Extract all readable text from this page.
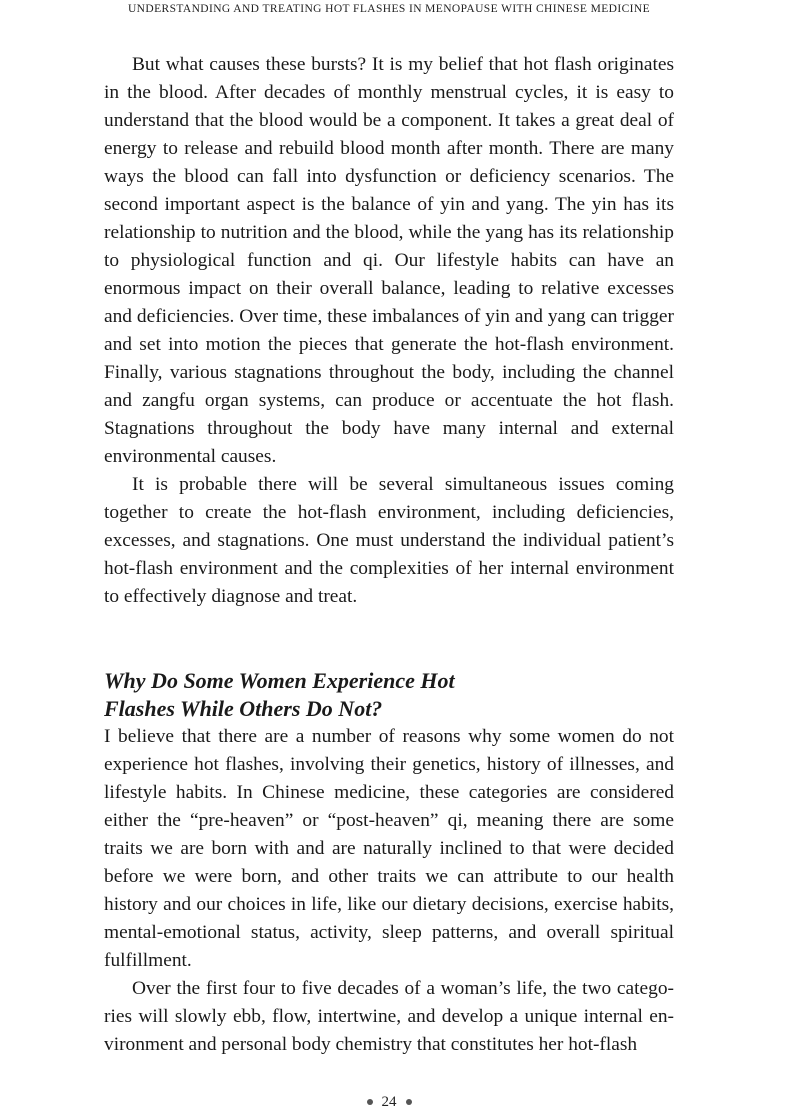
UNDERSTANDING AND TREATING HOT FLASHES IN MENOPAUSE WITH CHINESE MEDICINE

But what causes these bursts? It is my belief that hot flash originates in the blood. After decades of monthly menstrual cycles, it is easy to understand that the blood would be a component. It takes a great deal of energy to release and rebuild blood month after month. There are many ways the blood can fall into dysfunction or deficiency scenarios. The second important aspect is the balance of yin and yang. The yin has its relationship to nutrition and the blood, while the yang has its relationship to physiological function and qi. Our lifestyle habits can have an enormous impact on their overall balance, leading to relative excesses and deficiencies. Over time, these imbalances of yin and yang can trigger and set into motion the pieces that generate the hot-flash environment. Finally, various stagnations throughout the body, including the channel and zangfu organ systems, can produce or accentuate the hot flash. Stagnations throughout the body have many internal and external environmental causes.

It is probable there will be several simultaneous issues coming together to create the hot-flash environment, including deficiencies, excesses, and stagnations. One must understand the individual patient’s hot-flash environment and the complexities of her internal environment to effectively diagnose and treat.

Why Do Some Women Experience Hot Flashes While Others Do Not?

I believe that there are a number of reasons why some women do not experience hot flashes, involving their genetics, history of illnesses, and lifestyle habits. In Chinese medicine, these categories are considered either the “pre-heaven” or “post-heaven” qi, meaning there are some traits we are born with and are naturally inclined to that were decided before we were born, and other traits we can attribute to our health history and our choices in life, like our dietary decisions, exercise habits, mental-emotional status, activity, sleep patterns, and overall spiritual fulfillment.

Over the first four to five decades of a woman’s life, the two categories will slowly ebb, flow, intertwine, and develop a unique internal environment and personal body chemistry that constitutes her hot-flash

24
